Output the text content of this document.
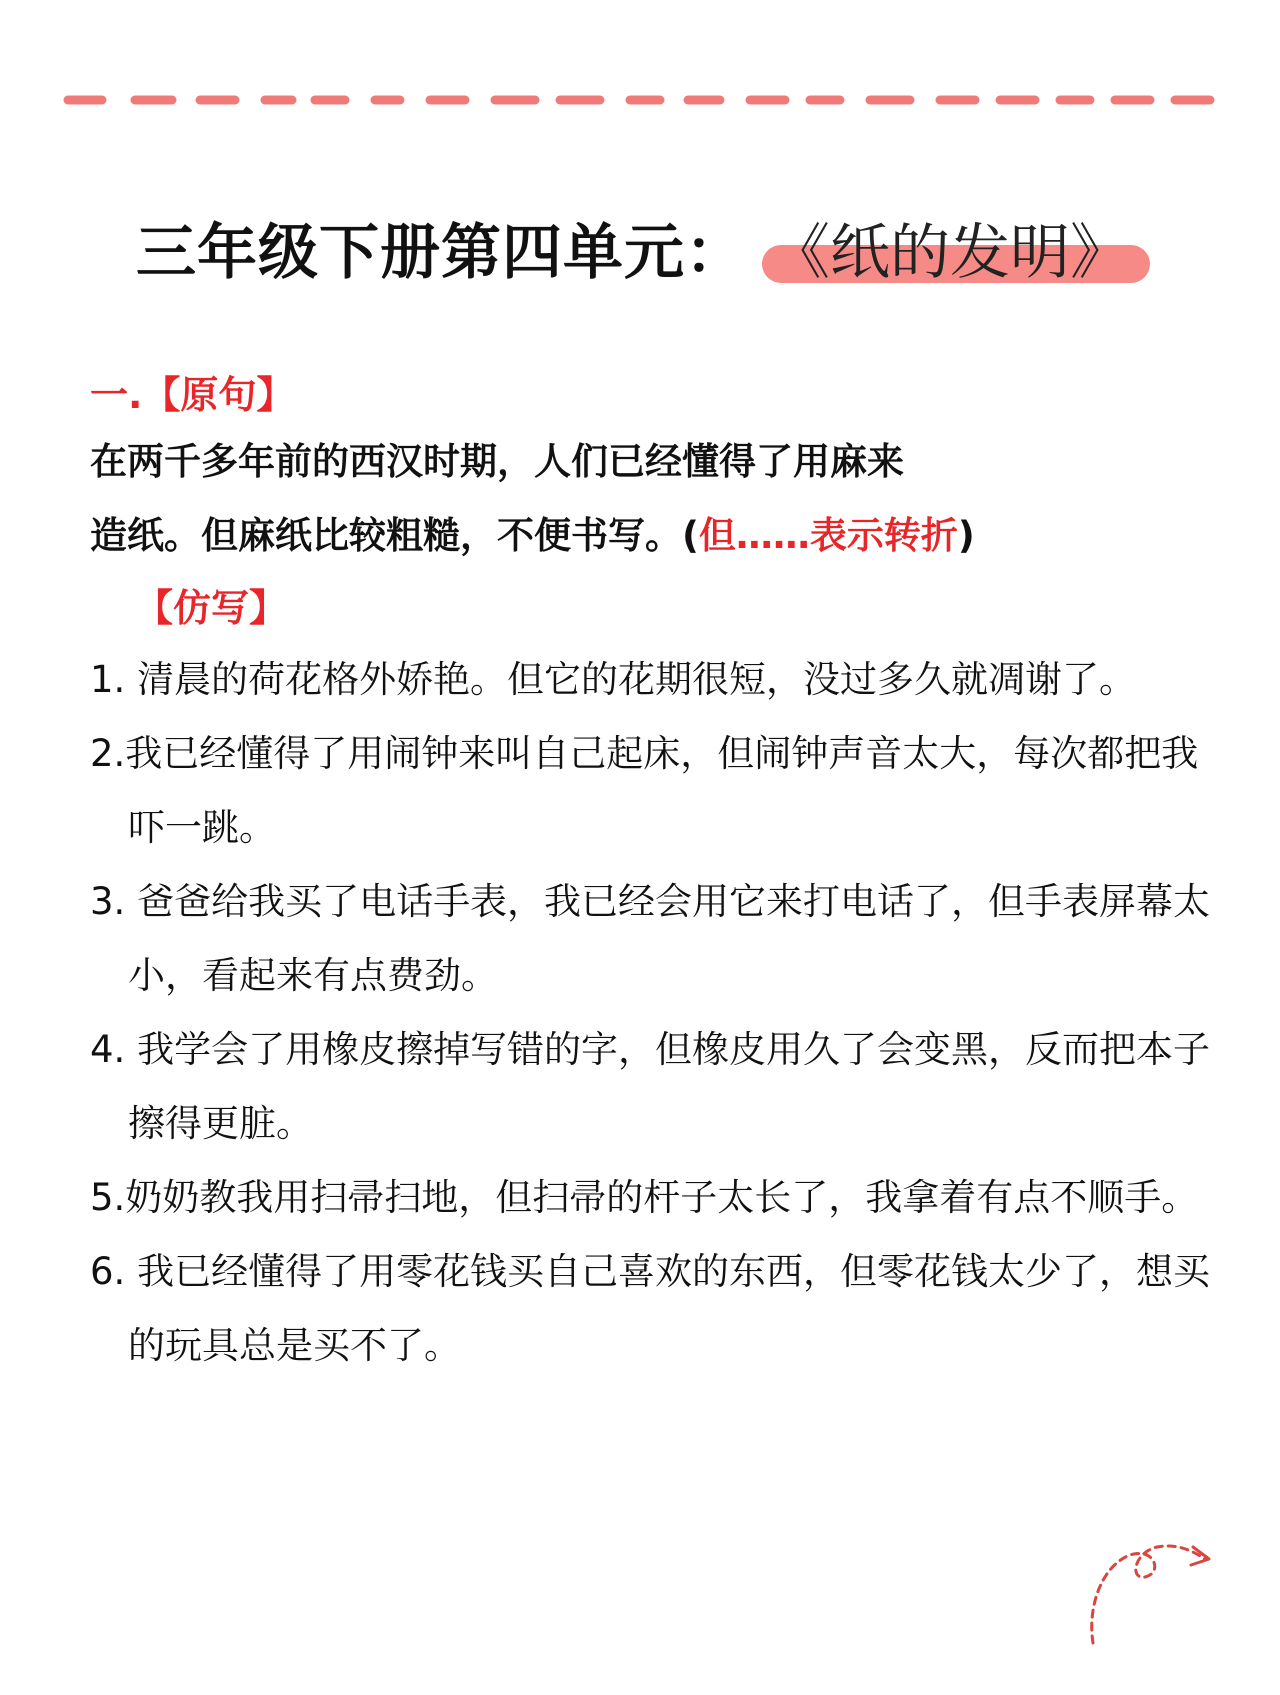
三年级下册第四单元： 《纸的发明》
一.【原句】
在两千多年前的西汉时期，人们已经懂得了用麻来
造纸。但麻纸比较粗糙，不便书写。(但……表示转折)
【仿写】
1. 清晨的荷花格外娇艳。但它的花期很短，没过多久就凋谢了。
2.我已经懂得了用闹钟来叫自己起床，但闹钟声音太大，每次都把我吓一跳。
3. 爸爸给我买了电话手表，我已经会用它来打电话了，但手表屏幕太小，看起来有点费劲。
4. 我学会了用橡皮擦掉写错的字，但橡皮用久了会变黑，反而把本子擦得更脏。
5.奶奶教我用扫帚扫地，但扫帚的杆子太长了，我拿着有点不顺手。
6. 我已经懂得了用零花钱买自己喜欢的东西，但零花钱太少了，想买的玩具总是买不了。
